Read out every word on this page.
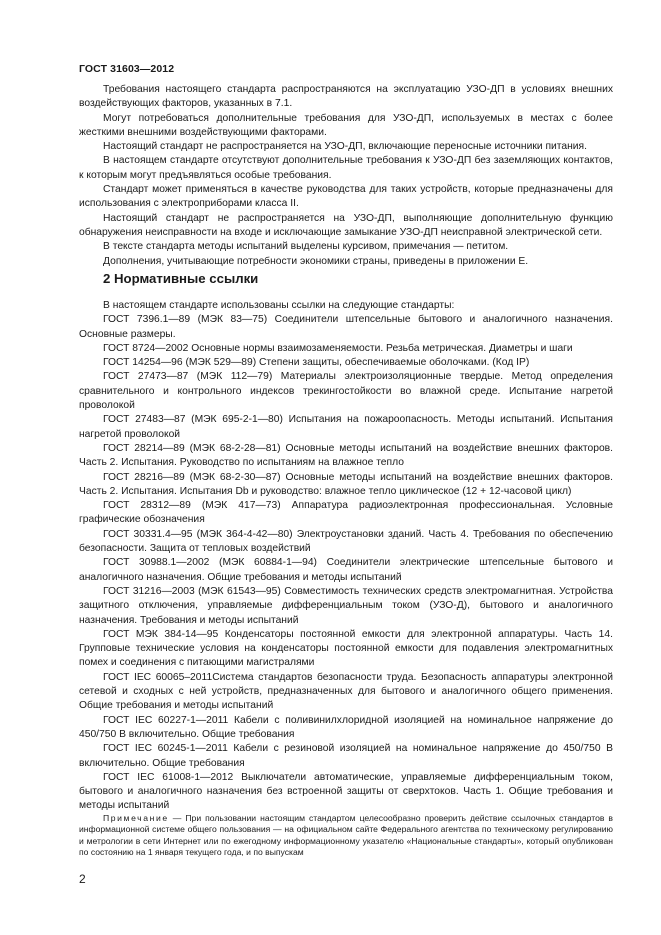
ГОСТ 31603—2012

Требования настоящего стандарта распространяются на эксплуатацию УЗО-ДП в условиях внешних воздействующих факторов, указанных в 7.1.

Могут потребоваться дополнительные требования для УЗО-ДП, используемых в местах с более жесткими внешними воздействующими факторами.

Настоящий стандарт не распространяется на УЗО-ДП, включающие переносные источники питания.

В настоящем стандарте отсутствуют дополнительные требования к УЗО-ДП без заземляющих контактов, к которым могут предъявляться особые требования.

Стандарт может применяться в качестве руководства для таких устройств, которые предназначены для использования с электроприборами класса II.

Настоящий стандарт не распространяется на УЗО-ДП, выполняющие дополнительную функцию обнаружения неисправности на входе и исключающие замыкание УЗО-ДП неисправной электрической сети.

В тексте стандарта методы испытаний выделены курсивом, примечания — петитом.

Дополнения, учитывающие потребности экономики страны, приведены в приложении Е.

2 Нормативные ссылки

В настоящем стандарте использованы ссылки на следующие стандарты:

ГОСТ 7396.1—89 (МЭК 83—75) Соединители штепсельные бытового и аналогичного назначения. Основные размеры.

ГОСТ 8724—2002 Основные нормы взаимозаменяемости. Резьба метрическая. Диаметры и шаги

ГОСТ 14254—96 (МЭК 529—89) Степени защиты, обеспечиваемые оболочками. (Код IP)

ГОСТ 27473—87 (МЭК 112—79) Материалы электроизоляционные твердые. Метод определения сравнительного и контрольного индексов трекингостойкости во влажной среде. Испытание нагретой проволокой

ГОСТ 27483—87 (МЭК 695-2-1—80) Испытания на пожароопасность. Методы испытаний. Испытания нагретой проволокой

ГОСТ 28214—89 (МЭК 68-2-28—81) Основные методы испытаний на воздействие внешних факторов. Часть 2. Испытания. Руководство по испытаниям на влажное тепло

ГОСТ 28216—89 (МЭК 68-2-30—87) Основные методы испытаний на воздействие внешних факторов. Часть 2. Испытания. Испытания Db и руководство: влажное тепло циклическое (12 + 12-часовой цикл)

ГОСТ 28312—89 (МЭК 417—73) Аппаратура радиоэлектронная профессиональная. Условные графические обозначения

ГОСТ 30331.4—95 (МЭК 364-4-42—80) Электроустановки зданий. Часть 4. Требования по обеспечению безопасности. Защита от тепловых воздействий

ГОСТ 30988.1—2002 (МЭК 60884-1—94) Соединители электрические штепсельные бытового и аналогичного назначения. Общие требования и методы испытаний

ГОСТ 31216—2003 (МЭК 61543—95) Совместимость технических средств электромагнитная. Устройства защитного отключения, управляемые дифференциальным током (УЗО-Д), бытового и аналогичного назначения. Требования и методы испытаний

ГОСТ МЭК 384-14—95 Конденсаторы постоянной емкости для электронной аппаратуры. Часть 14. Групповые технические условия на конденсаторы постоянной емкости для подавления электромагнитных помех и соединения с питающими магистралями

ГОСТ IEC 60065–2011Система стандартов безопасности труда. Безопасность аппаратуры электронной сетевой и сходных с ней устройств, предназначенных для бытового и аналогичного общего применения. Общие требования и методы испытаний

ГОСТ IEC 60227-1—2011 Кабели с поливинилхлоридной изоляцией на номинальное напряжение до 450/750 В включительно. Общие требования

ГОСТ IEC 60245-1—2011 Кабели с резиновой изоляцией на номинальное напряжение до 450/750 В включительно. Общие требования

ГОСТ IEC 61008-1—2012 Выключатели автоматические, управляемые дифференциальным током, бытового и аналогичного назначения без встроенной защиты от сверхтоков. Часть 1. Общие требования и методы испытаний

Примечание — При пользовании настоящим стандартом целесообразно проверить действие ссылочных стандартов в информационной системе общего пользования — на официальном сайте Федерального агентства по техническому регулированию и метрологии в сети Интернет или по ежегодному информационному указателю «Национальные стандарты», который опубликован по состоянию на 1 января текущего года, и по выпускам

2
